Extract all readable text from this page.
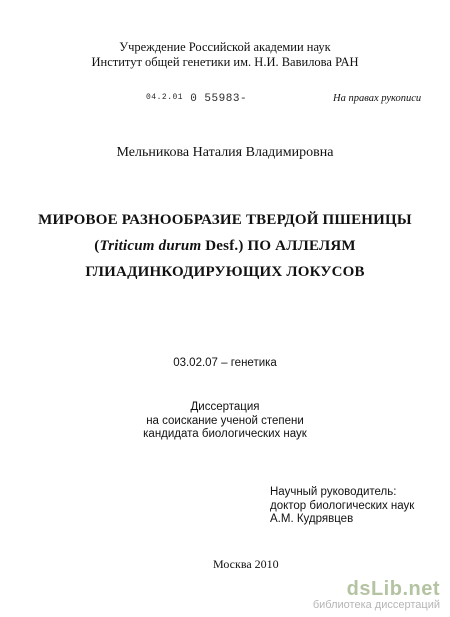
Учреждение Российской академии наук
Институт общей генетики им. Н.И. Вавилова РАН
$^{04.2.01}$ 0 55983-	На правах рукописи
Мельникова Наталия Владимировна
МИРОВОЕ РАЗНООБРАЗИЕ ТВЕРДОЙ ПШЕНИЦЫ
(Triticum durum Desf.) ПО АЛЛЕЛЯМ
ГЛИАДИНКОДИРУЮЩИХ ЛОКУСОВ
03.02.07 – генетика
Диссертация
на соискание ученой степени
кандидата биологических наук
Научный руководитель:
доктор биологических наук
А.М. Кудрявцев
Москва 2010
dsLib.net
библиотека диссертаций
